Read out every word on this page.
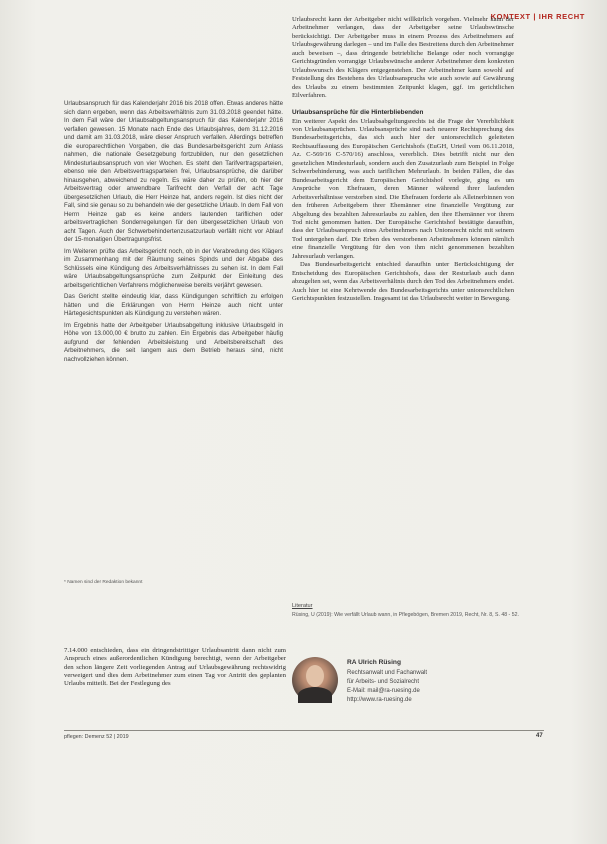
KONTEXT | IHR RECHT

Urlaubsanspruch für das Kalenderjahr 2016 bis 2018 offen. Etwas anderes hätte sich dann ergeben, wenn das Arbeitsverhältnis zum 31.03.2018 geendet hätte. In dem Fall wäre der Urlaubsabgeltungsanspruch für das Kalenderjahr 2016 verfallen gewesen. 15 Monate nach Ende des Urlaubsjahres, dem 31.12.2016 und damit am 31.03.2018, wäre dieser Anspruch verfallen. Allerdings betreffen die europarechtlichen Vorgaben, die das Bundesarbeitsgericht zum Anlass nahmen, die nationale Gesetzgebung fortzubilden, nur den gesetzlichen Mindesturlaubsanspruch von vier Wochen. Es steht den Tarifvertragsparteien, ebenso wie den Arbeitsvertragsparteien frei, Urlaubsansprüche, die darüber hinausgehen, abweichend zu regeln. Es wäre daher zu prüfen, ob hier der Arbeitsvertrag oder anwendbare Tarifrecht den Verfall der acht Tage übergesetzlichen Urlaub, die Herr Heinze hat, anders regeln. Ist dies nicht der Fall, sind sie genau so zu behandeln wie der gesetzliche Urlaub. In dem Fall von Herrn Heinze gab es keine anders lautenden tariflichen oder arbeitsvertraglichen Sonderregelungen für den übergesetzlichen Urlaub von acht Tagen. Auch der Schwerbehindertenzusatzurlaub verfällt nicht vor Ablauf der 15-monatigen Übertragungsfrist.

Im Weiteren prüfte das Arbeitsgericht noch, ob in der Verabredung des Klägers im Zusammenhang mit der Räumung seines Spinds und der Abgabe des Schlüssels eine Kündigung des Arbeitsverhältnisses zu sehen ist. In dem Fall wäre Urlaubsabgeltungsansprüche zum Zeitpunkt der Einleitung des arbeitsgerichtlichen Verfahrens möglicherweise bereits verjährt gewesen.

Das Gericht stellte eindeutig klar, dass Kündigungen schriftlich zu erfolgen hätten und die Erklärungen von Herrn Heinze auch nicht unter Härtegesichtspunkten als Kündigung zu verstehen wären.

Im Ergebnis hatte der Arbeitgeber Urlaubsabgeltung inklusive Urlaubsgeld in Höhe von 13.000,00 € brutto zu zahlen. Ein Ergebnis das Arbeitgeber häufig aufgrund der fehlenden Arbeitsleistung und Arbeitsbereitschaft des Arbeitnehmers, die seit langem aus dem Betrieb heraus sind, nicht nachvollziehen können.

* Namen sind der Redaktion bekannt

Urlaubsrecht kann der Arbeitgeber nicht willkürlich vorgehen. Vielmehr kann der Arbeitnehmer verlangen, dass der Arbeitgeber seine Urlaubswünsche berücksichtigt. Der Arbeitgeber muss in einem Prozess des Arbeitnehmers auf Urlaubsgewährung darlegen – und im Falle des Bestreitens durch den Arbeitnehmer auch beweisen –, dass dringende betriebliche Belange oder noch vorrangige Gerichtsgründen vorrangige Urlaubswünsche anderer Arbeitnehmer dem konkreten Urlaubswunsch des Klägers entgegenstehen. Der Arbeitnehmer kann sowohl auf Feststellung des Bestehens des Urlaubsanspruchs wie auch sowie auf Gewährung des Urlaubs zu einem bestimmten Zeitpunkt klagen, ggf. im gerichtlichen Eilverfahren.

Urlaubsansprüche für die Hinterbliebenden

Ein weiterer Aspekt des Urlaubsabgeltungsrechts ist die Frage der Vererblichkeit von Urlaubsansprüchen. Urlaubsansprüche sind nach neuerer Rechtsprechung des Bundesarbeitsgerichts, das sich auch hier der unionsrechtlich geleiteten Rechtsauffassung des Europäischen Gerichtshofs (EuGH, Urteil vom 06.11.2018, Az. C-569/16 C-570/16) anschloss, vererblich. Dies betrifft nicht nur den gesetzlichen Mindesturlaub, sondern auch den Zusatzurlaub zum Beispiel in Folge Schwerbehinderung, was auch tariflichen Mehrurlaub. In beiden Fällen, die das Bundesarbeitsgericht dem Europäischen Gerichtshof vorlegte, ging es um Ansprüche von Ehefrauen, deren Männer während ihrer laufenden Arbeitsverhältnisse verstorben sind. Die Ehefrauen forderte als Alleinerbinnen von den früheren Arbeitgebern ihrer Ehemänner eine finanzielle Vergütung zur Abgeltung des bezahlten Jahresurlaubs zu zahlen, den ihre Ehemänner vor ihrem Tod nicht genommen hatten. Der Europäische Gerichtshof bestätigte daraufhin, dass der Urlaubsanspruch eines Arbeitnehmers nach Unionsrecht nicht mit seinem Tod untergehen darf. Die Erben des verstorbenen Arbeitnehmers können nämlich eine finanzielle Vergütung für den von ihm nicht genommenen bezahlten Jahresurlaub verlangen.

Das Bundesarbeitsgericht entschied daraufhin unter Berücksichtigung der Entscheidung des Europäischen Gerichtshofs, dass der Resturlaub auch dann abzugelten sei, wenn das Arbeitsverhältnis durch den Tod des Arbeitnehmers endet. Auch hier ist eine Kehrtwende des Bundesarbeitsgerichts unter unionsrechtlichen Gerichtspunkten festzustellen. Insgesamt ist das Urlaubsrecht weiter in Bewegung.

Literatur
Rüsing, U (2019): Wie verfällt Urlaub wann, in Pflegebögen, Bremen 2019, Recht, Nr. 8, S. 48 - 52.

7.14.000 entschieden, dass ein dringendstrittiger Urlaubsantritt dann nicht zum Anspruch eines außerordentlichen Kündigung berechtigt, wenn der Arbeitgeber den schon längere Zeit vorliegenden Antrag auf Urlaubsgewährung rechtswidrig verweigert und dies dem Arbeitnehmer zum einen Tag vor Antritt des geplanten Urlaubs mitteilt. Bei der Festlegung des

RA Ulrich Rüsing
Rechtsanwalt und Fachanwalt
für Arbeits- und Sozialrecht
E-Mail: mail@ra-ruesing.de
http://www.ra-ruesing.de
pflegen: Demenz 52 | 2019	47
